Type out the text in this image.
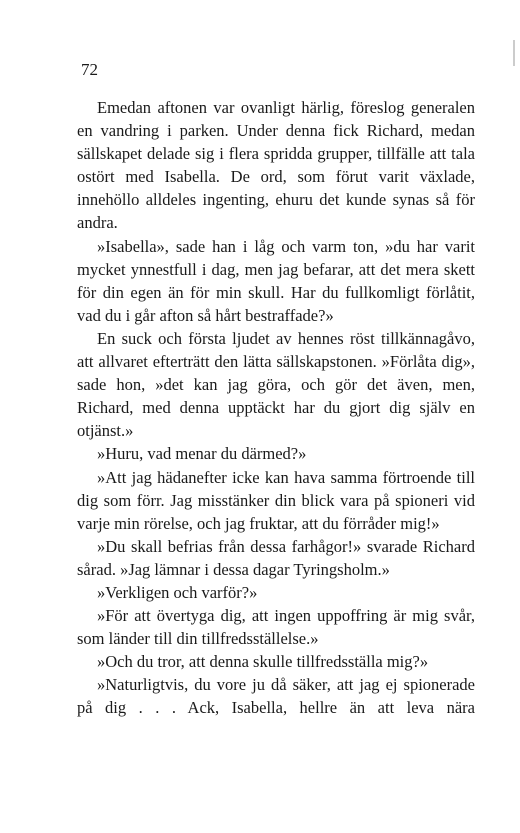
72

Emedan aftonen var ovanligt härlig, föreslog generalen en vandring i parken. Under denna fick Richard, medan sällskapet delade sig i flera spridda grupper, tillfälle att tala ostört med Isabella. De ord, som förut varit växlade, innehöllo alldeles ingenting, ehuru det kunde synas så för andra.

»Isabella», sade han i låg och varm ton, »du har varit mycket ynnestfull i dag, men jag befarar, att det mera skett för din egen än för min skull. Har du fullkomligt förlåtit, vad du i går afton så hårt bestraffade?»

En suck och första ljudet av hennes röst tillkännagåvo, att allvaret efterträtt den lätta sällskapstonen. »Förlåta dig», sade hon, »det kan jag göra, och gör det även, men, Richard, med denna upptäckt har du gjort dig själv en otjänst.»

»Huru, vad menar du därmed?»

»Att jag hädanefter icke kan hava samma förtroende till dig som förr. Jag misstänker din blick vara på spioneri vid varje min rörelse, och jag fruktar, att du förråder mig!»

»Du skall befrias från dessa farhågor!» svarade Richard sårad. »Jag lämnar i dessa dagar Tyringsholm.»

»Verkligen och varför?»

»För att övertyga dig, att ingen uppoffring är mig svår, som länder till din tillfredsställelse.»

»Och du tror, att denna skulle tillfredsställa mig?»

»Naturligtvis, du vore ju då säker, att jag ej spionerade på dig . . . Ack, Isabella, hellre än att leva nära
